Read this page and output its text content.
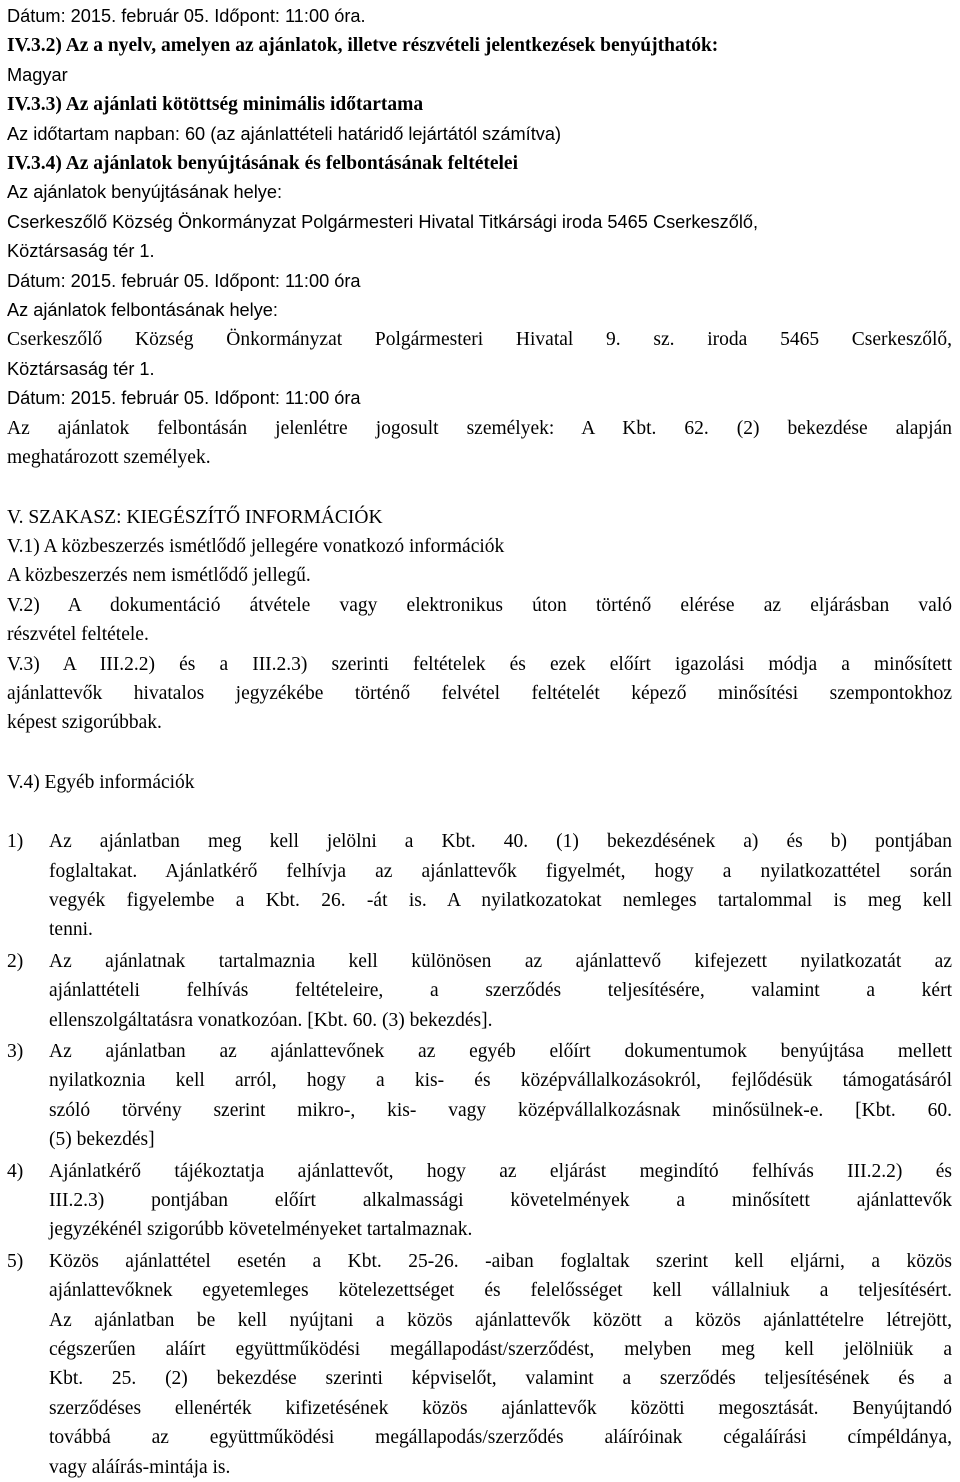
Dátum: 2015. február 05. Időpont: 11:00 óra.

IV.3.2) Az a nyelv, amelyen az ajánlatok, illetve részvételi jelentkezések benyújthatók:

Magyar

IV.3.3) Az ajánlati kötöttség minimális időtartama

Az időtartam napban: 60 (az ajánlattételi határidő lejártától számítva)

IV.3.4) Az ajánlatok benyújtásának és felbontásának feltételei

Az ajánlatok benyújtásának helye:

Cserkeszőlő Község Önkormányzat Polgármesteri Hivatal Titkársági iroda 5465 Cserkeszőlő,

Köztársaság tér 1.

Dátum: 2015. február 05. Időpont: 11:00 óra

Az ajánlatok felbontásának helye:

Cserkeszőlő Község Önkormányzat Polgármesteri Hivatal 9. sz. iroda 5465 Cserkeszőlő,

Köztársaság tér 1.

Dátum: 2015. február 05. Időpont: 11:00 óra

Az ajánlatok felbontásán jelenlétre jogosult személyek: A Kbt. 62. (2) bekezdése alapján

meghatározott személyek.

V. SZAKASZ: KIEGÉSZÍTŐ INFORMÁCIÓK

V.1) A közbeszerzés ismétlődő jellegére vonatkozó információk

A közbeszerzés nem ismétlődő jellegű.

V.2) A dokumentáció átvétele vagy elektronikus úton történő elérése az eljárásban való

részvétel feltétele.

V.3) A III.2.2) és a III.2.3) szerinti feltételek és ezek előírt igazolási módja a minősített

ajánlattevők hivatalos jegyzékébe történő felvétel feltételét képező minősítési szempontokhoz

képest szigorúbbak.

V.4) Egyéb információk

1) Az ajánlatban meg kell jelölni a Kbt. 40. (1) bekezdésének a) és b) pontjában
foglaltakat. Ajánlatkérő felhívja az ajánlattevők figyelmét, hogy a nyilatkozattétel során
vegyék figyelembe a Kbt. 26. -át is. A nyilatkozatokat nemleges tartalommal is meg kell
tenni.
2) Az ajánlatnak tartalmaznia kell különösen az ajánlattevő kifejezett nyilatkozatát az
ajánlattételi felhívás feltételeire, a szerződés teljesítésére, valamint a kért
ellenszolgáltatásra vonatkozóan. [Kbt. 60. (3) bekezdés].
3) Az ajánlatban az ajánlattevőnek az egyéb előírt dokumentumok benyújtása mellett
nyilatkoznia kell arról, hogy a kis- és középvállalkozásokról, fejlődésük támogatásáról
szóló törvény szerint mikro-, kis- vagy középvállalkozásnak minősülnek-e. [Kbt. 60.
(5) bekezdés]
4) Ajánlatkérő tájékoztatja ajánlattevőt, hogy az eljárást megindító felhívás III.2.2) és
III.2.3) pontjában előírt alkalmassági követelmények a minősített ajánlattevők
jegyzékénél szigorúbb követelményeket tartalmaznak.
5) Közös ajánlattétel esetén a Kbt. 25-26. -aiban foglaltak szerint kell eljárni, a közös
ajánlattevőknek egyetemleges kötelezettséget és felelősséget kell vállalniuk a teljesítésért.
Az ajánlatban be kell nyújtani a közös ajánlattevők között a közös ajánlattételre létrejött,
cégszerűen aláírt együttműködési megállapodást/szerződést, melyben meg kell jelölniük a
Kbt. 25. (2) bekezdése szerinti képviselőt, valamint a szerződés teljesítésének és a
szerződéses ellenérték kifizetésének közös ajánlattevők közötti megosztását. Benyújtandó
továbbá az együttműködési megállapodás/szerződés aláíróinak cégaláírási címpéldánya,
vagy aláírás-mintája is.
